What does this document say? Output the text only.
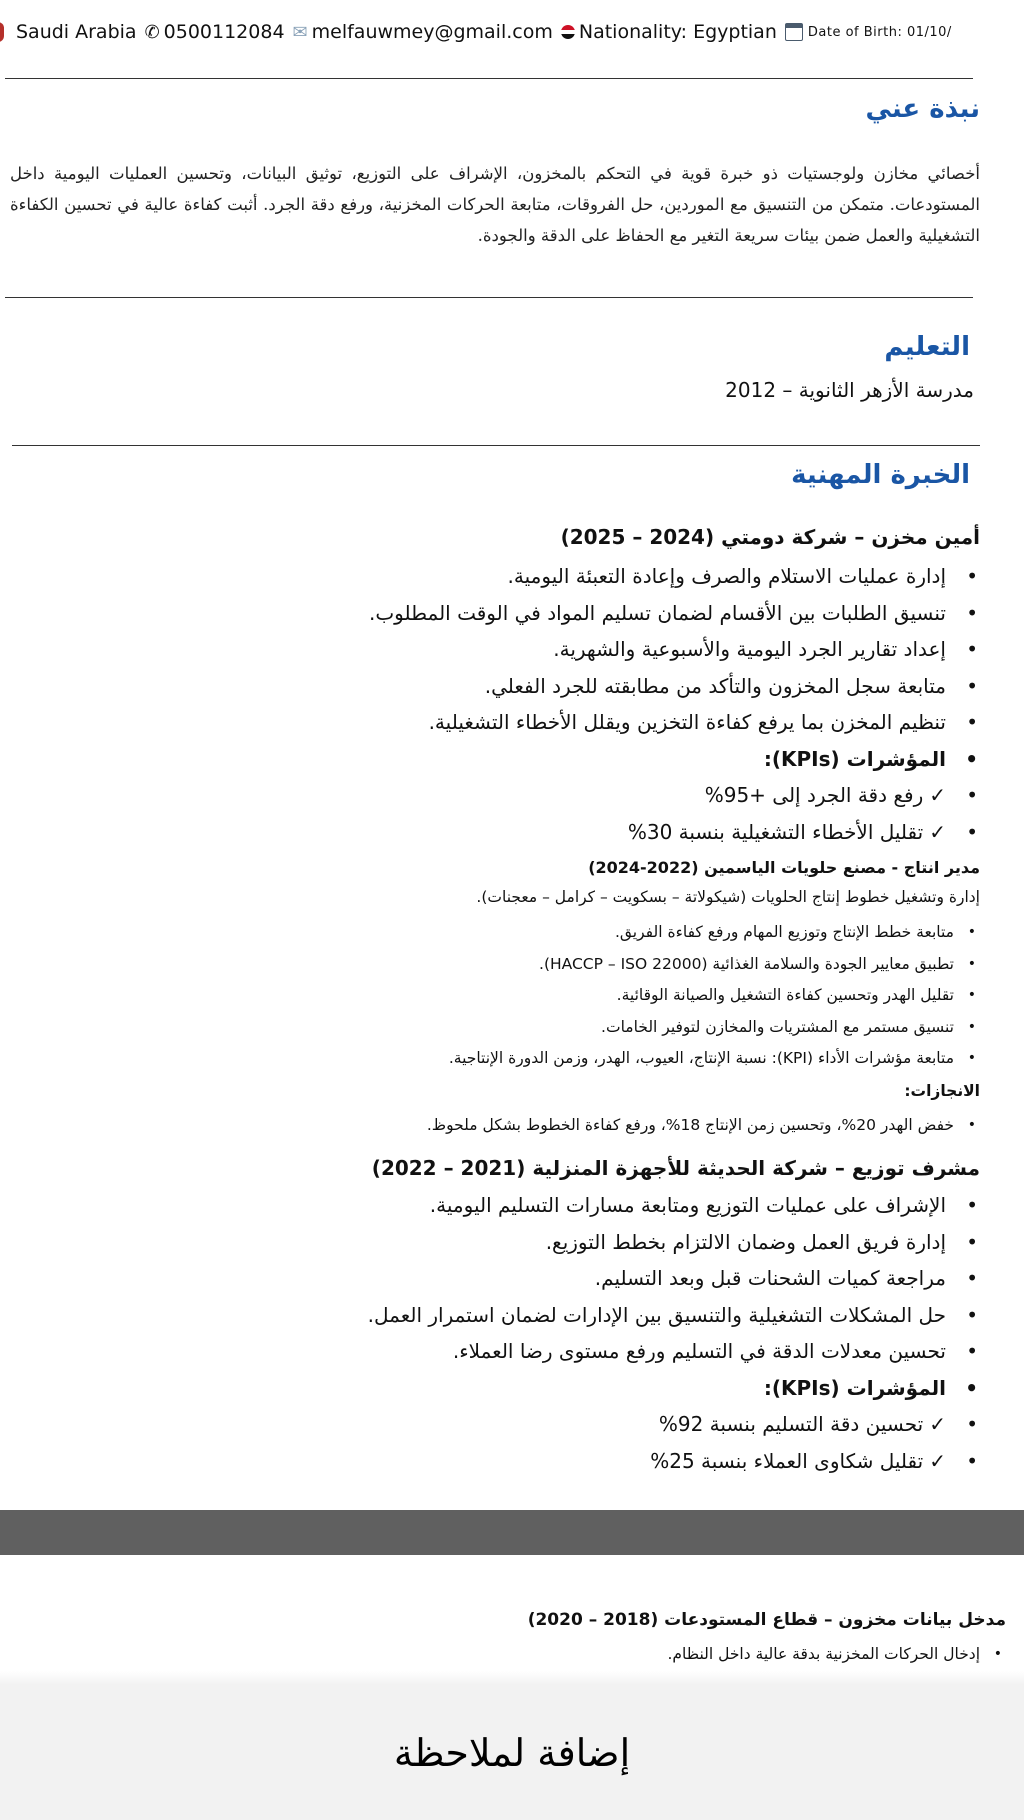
Saudi Arabia ✆ 0500112084 ✉ melfauwmey@gmail.com Nationality: Egyptian Date of Birth: 01/10/
نبذة عني
أخصائي مخازن ولوجستيات ذو خبرة قوية في التحكم بالمخزون، الإشراف على التوزيع، توثيق البيانات، وتحسين العمليات اليومية داخل المستودعات. متمكن من التنسيق مع الموردين، حل الفروقات، متابعة الحركات المخزنية، ورفع دقة الجرد. أثبت كفاءة عالية في تحسين الكفاءة التشغيلية والعمل ضمن بيئات سريعة التغير مع الحفاظ على الدقة والجودة.
التعليم
مدرسة الأزهر الثانوية – 2012
الخبرة المهنية
أمين مخزن – شركة دومتي (2024 – 2025)
• إدارة عمليات الاستلام والصرف وإعادة التعبئة اليومية.
• تنسيق الطلبات بين الأقسام لضمان تسليم المواد في الوقت المطلوب.
• إعداد تقارير الجرد اليومية والأسبوعية والشهرية.
• متابعة سجل المخزون والتأكد من مطابقته للجرد الفعلي.
• تنظيم المخزن بما يرفع كفاءة التخزين ويقلل الأخطاء التشغيلية.
• المؤشرات (KPIs):
• ✓رفع دقة الجرد إلى +95%
• ✓تقليل الأخطاء التشغيلية بنسبة 30%
مدير انتاج - مصنع حلويات الياسمين (2022-2024)
إدارة وتشغيل خطوط إنتاج الحلويات (شيكولاتة – بسكويت – كرامل – معجنات).
• متابعة خطط الإنتاج وتوزيع المهام ورفع كفاءة الفريق.
• تطبيق معايير الجودة والسلامة الغذائية (HACCP – ISO 22000).
• تقليل الهدر وتحسين كفاءة التشغيل والصيانة الوقائية.
• تنسيق مستمر مع المشتريات والمخازن لتوفير الخامات.
• متابعة مؤشرات الأداء (KPI): نسبة الإنتاج، العيوب، الهدر، وزمن الدورة الإنتاجية.
الانجازات:
• خفض الهدر 20%، وتحسين زمن الإنتاج 18%، ورفع كفاءة الخطوط بشكل ملحوظ.
مشرف توزيع – شركة الحديثة للأجهزة المنزلية (2021 – 2022)
• الإشراف على عمليات التوزيع ومتابعة مسارات التسليم اليومية.
• إدارة فريق العمل وضمان الالتزام بخطط التوزيع.
• مراجعة كميات الشحنات قبل وبعد التسليم.
• حل المشكلات التشغيلية والتنسيق بين الإدارات لضمان استمرار العمل.
• تحسين معدلات الدقة في التسليم ورفع مستوى رضا العملاء.
• المؤشرات (KPIs):
• ✓تحسين دقة التسليم بنسبة 92%
• ✓تقليل شكاوى العملاء بنسبة 25%
مدخل بيانات مخزون – قطاع المستودعات (2018 – 2020)
• إدخال الحركات المخزنية بدقة عالية داخل النظام.
إضافة لملاحظة
